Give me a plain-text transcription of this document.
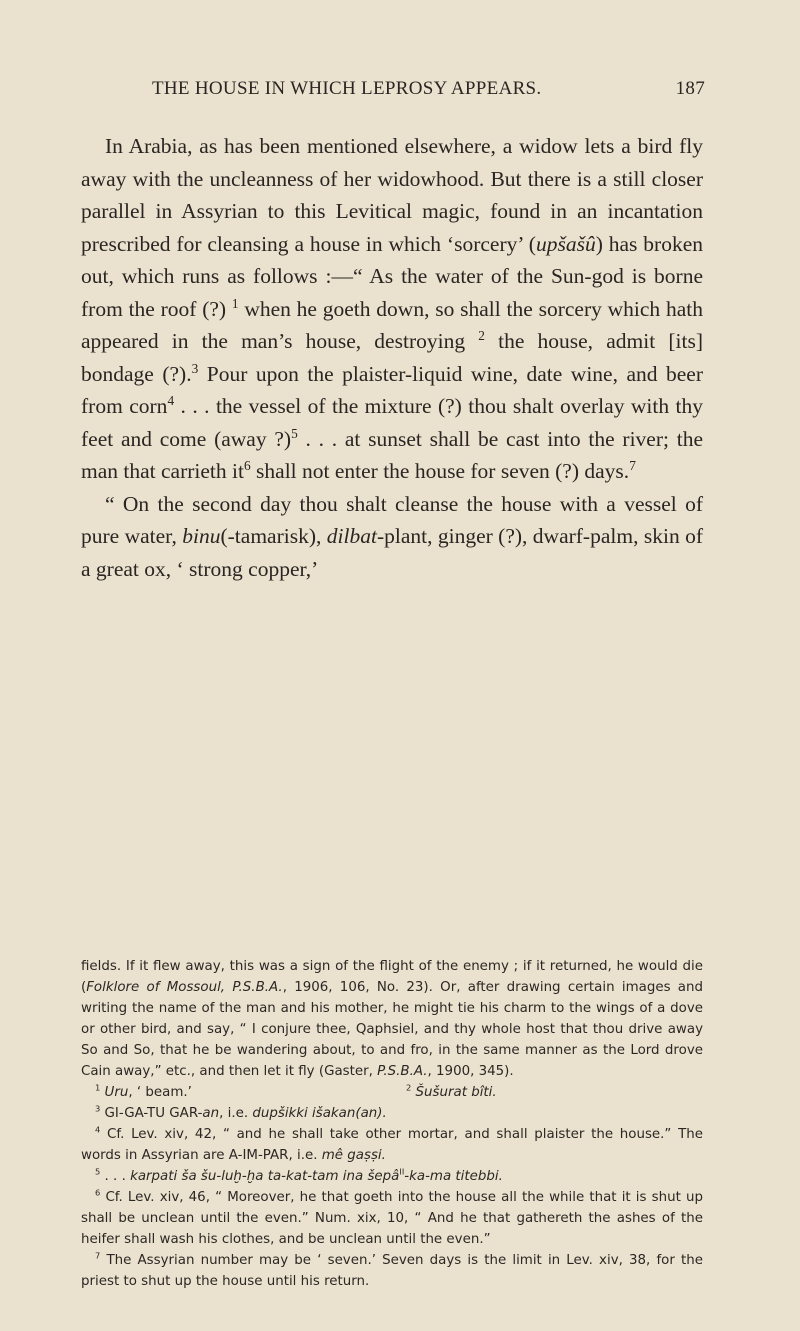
THE HOUSE IN WHICH LEPROSY APPEARS.	187

In Arabia, as has been mentioned elsewhere, a widow lets a bird fly away with the uncleanness of her widowhood. But there is a still closer parallel in Assyrian to this Levitical magic, found in an incantation prescribed for cleansing a house in which ‘sorcery’ (upšašû) has broken out, which runs as follows :—“ As the water of the Sun-god is borne from the roof (?) $^1$ when he goeth down, so shall the sorcery which hath appeared in the man’s house, destroying $^2$ the house, admit [its] bondage (?).$^3$ Pour upon the plaister-liquid wine, date wine, and beer from corn$^4$ . . . the vessel of the mixture (?) thou shalt overlay with thy feet and come (away ?)$^5$ . . . at sunset shall be cast into the river; the man that carrieth $it^6$ shall not enter the house for seven (?) days.$^7$

“ On the second day thou shalt cleanse the house with a vessel of pure water, binu(-tamarisk), dilbat-plant, ginger (?), dwarf-palm, skin of a great ox, ‘ strong copper,’

fields. If it flew away, this was a sign of the flight of the enemy ; if it returned, he would die (Folklore of Mossoul, P.S.B.A., 1906, 106, No. 23). Or, after drawing certain images and writing the name of the man and his mother, he might tie his charm to the wings of a dove or other bird, and say, “ I conjure thee, Qaphsiel, and thy whole host that thou drive away So and So, that he be wandering about, to and fro, in the same manner as the Lord drove Cain away,” etc., and then let it fly (Gaster, P.S.B.A., 1900, 345).

$^1$ Uru, ‘ beam.’	$^2$ Šušurat bîti.

$^3$ GI-GA-TU GAR-an, i.e. dupšikki išakan(an).

$^4$ Cf. Lev. xiv, 42, “ and he shall take other mortar, and shall plaister the house.” The words in Assyrian are A-IM-PAR, i.e. mê gaṣṣi.

$^5$ . . . karpati ša šu-luḫ-ḫa ta-kat-tam ina šepâ$^{II}$-ka-ma titebbi.

$^6$ Cf. Lev. xiv, 46, “ Moreover, he that goeth into the house all the while that it is shut up shall be unclean until the even.” Num. xix, 10, “ And he that gathereth the ashes of the heifer shall wash his clothes, and be unclean until the even.”

$^7$ The Assyrian number may be ‘ seven.’ Seven days is the limit in Lev. xiv, 38, for the priest to shut up the house until his return.
